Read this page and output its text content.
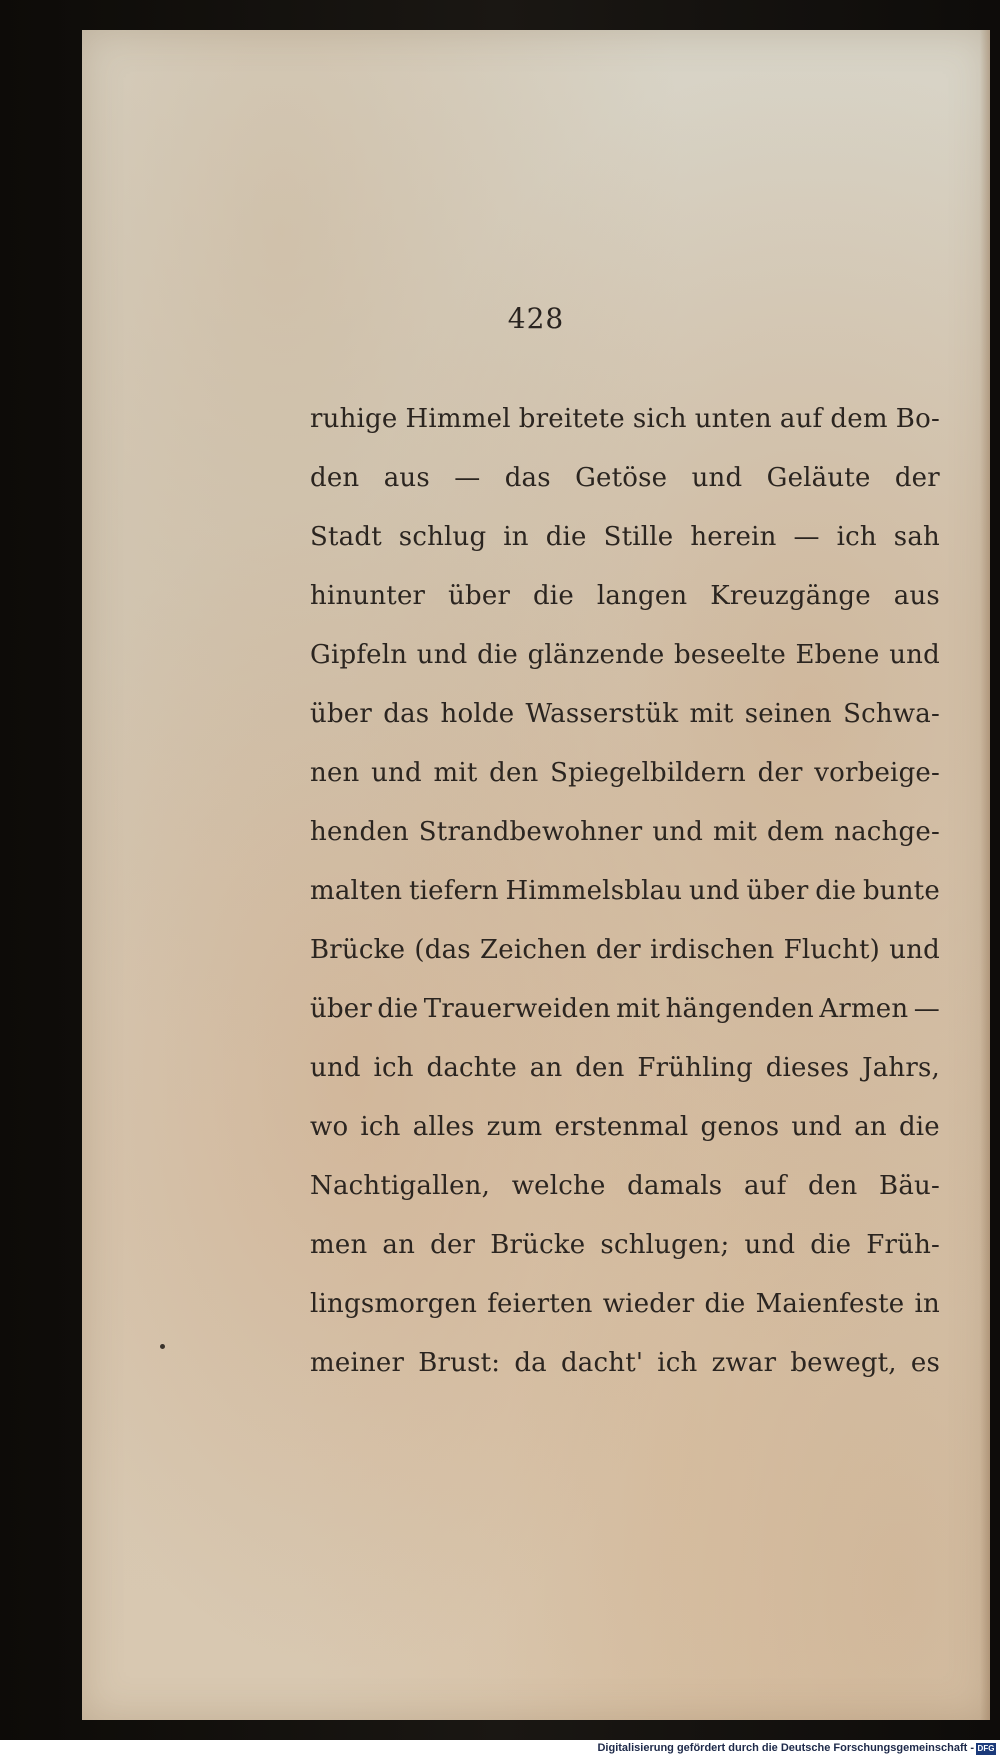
428
ruhige Himmel breitete sich unten auf dem Bo-
den aus — das Getöse und Geläute der
Stadt schlug in die Stille herein — ich sah
hinunter über die langen Kreuzgänge aus
Gipfeln und die glänzende beseelte Ebene und
über das holde Wasserstük mit seinen Schwa-
nen und mit den Spiegelbildern der vorbeige-
henden Strandbewohner und mit dem nachge-
malten tiefern Himmelsblau und über die bunte
Brücke (das Zeichen der irdischen Flucht) und
über die Trauerweiden mit hängenden Armen —
und ich dachte an den Frühling dieses Jahrs,
wo ich alles zum erstenmal genos und an die
Nachtigallen, welche damals auf den Bäu-
men an der Brücke schlugen; und die Früh-
lingsmorgen feierten wieder die Maienfeste in
meiner Brust: da dacht' ich zwar bewegt, es
Digitalisierung gefördert durch die Deutsche Forschungsgemeinschaft - DFG
